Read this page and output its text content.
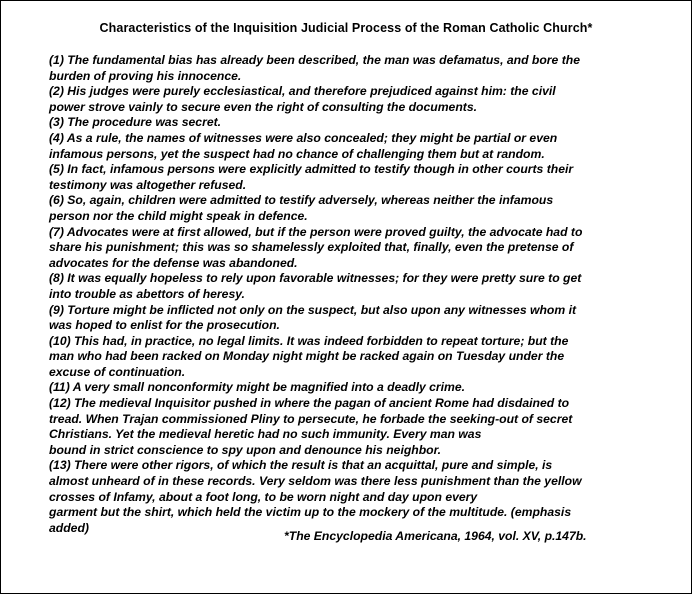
Characteristics of the Inquisition Judicial Process of the Roman Catholic Church*
(1) The fundamental bias has already been described, the man was defamatus, and bore the
burden of proving his innocence.
(2) His judges were purely ecclesiastical, and therefore prejudiced against him: the civil
power strove vainly to secure even the right of consulting the documents.
(3) The procedure was secret.
(4) As a rule, the names of witnesses were also concealed; they might be partial or even
infamous persons, yet the suspect had no chance of challenging them but at random.
(5) In fact, infamous persons were explicitly admitted to testify though in other courts their
testimony was altogether refused.
(6) So, again, children were admitted to testify adversely, whereas neither the infamous
person nor the child might speak in defence.
(7) Advocates were at first allowed, but if the person were proved guilty, the advocate had to
share his punishment; this was so shamelessly exploited that, finally, even the pretense of
advocates for the defense was abandoned.
(8) It was equally hopeless to rely upon favorable witnesses; for they were pretty sure to get
into trouble as abettors of heresy.
(9) Torture might be inflicted not only on the suspect, but also upon any witnesses whom it
was hoped to enlist for the prosecution.
(10) This had, in practice, no legal limits. It was indeed forbidden to repeat torture; but the
man who had been racked on Monday night might be racked again on Tuesday under the
excuse of continuation.
(11) A very small nonconformity might be magnified into a deadly crime.
(12) The medieval Inquisitor pushed in where the pagan of ancient Rome had disdained to
tread. When Trajan commissioned Pliny to persecute, he forbade the seeking-out of secret
Christians. Yet the medieval heretic had no such immunity. Every man was
bound in strict conscience to spy upon and denounce his neighbor.
(13) There were other rigors, of which the result is that an acquittal, pure and simple, is
almost unheard of in these records. Very seldom was there less punishment than the yellow
crosses of Infamy, about a foot long, to be worn night and day upon every
garment but the shirt, which held the victim up to the mockery of the multitude. (emphasis
added)
*The Encyclopedia Americana, 1964, vol. XV, p.147b.
